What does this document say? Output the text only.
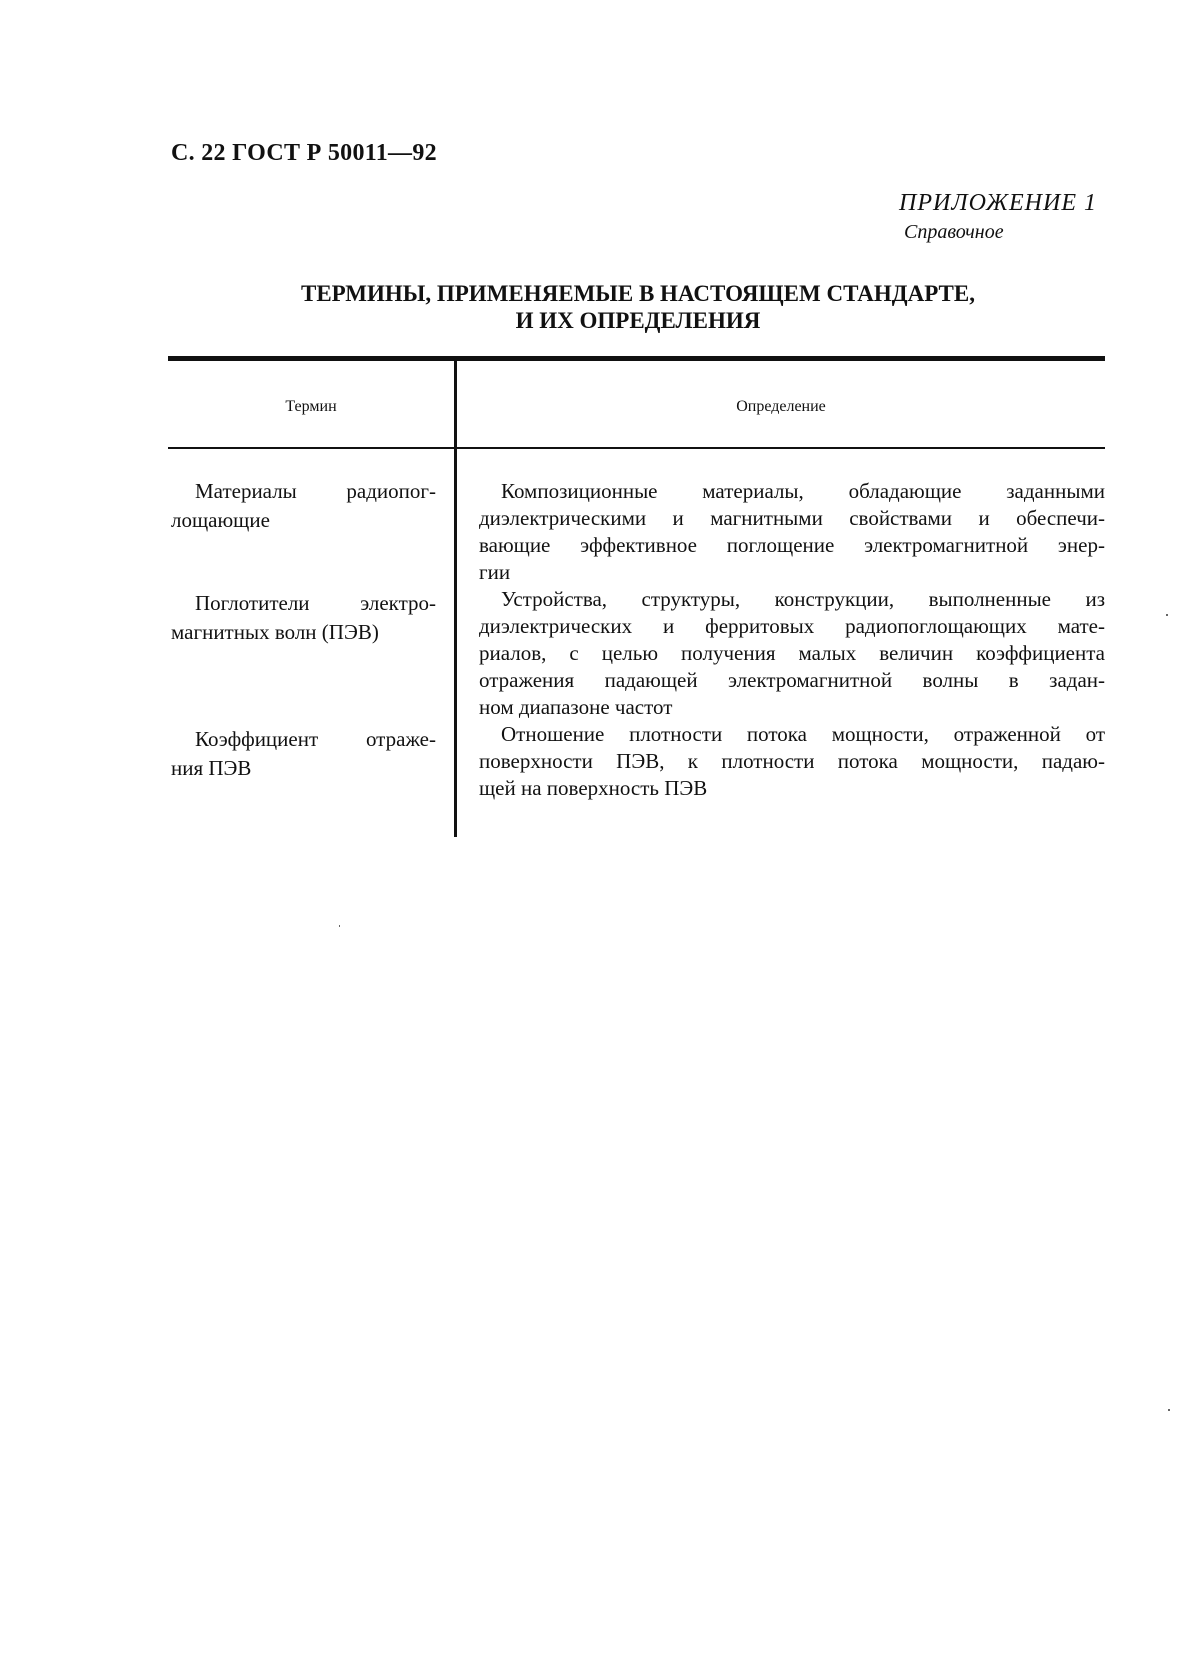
С. 22 ГОСТ Р 50011—92
ПРИЛОЖЕНИЕ 1
Справочное
ТЕРМИНЫ, ПРИМЕНЯЕМЫЕ В НАСТОЯЩЕМ СТАНДАРТЕ,
И ИХ ОПРЕДЕЛЕНИЯ
Термин	Определение
Материалы радиопог-
лощающие
Композиционные материалы, обладающие заданными
диэлектрическими и магнитными свойствами и обеспечи-
вающие эффективное поглощение электромагнитной энер-
гии
Поглотители электро-
магнитных волн (ПЭВ)
Устройства, структуры, конструкции, выполненные из
диэлектрических и ферритовых радиопоглощающих мате-
риалов, с целью получения малых величин коэффициента
отражения падающей электромагнитной волны в задан-
ном диапазоне частот
Коэффициент отраже-
ния ПЭВ
Отношение плотности потока мощности, отраженной от
поверхности ПЭВ, к плотности потока мощности, падаю-
щей на поверхность ПЭВ
